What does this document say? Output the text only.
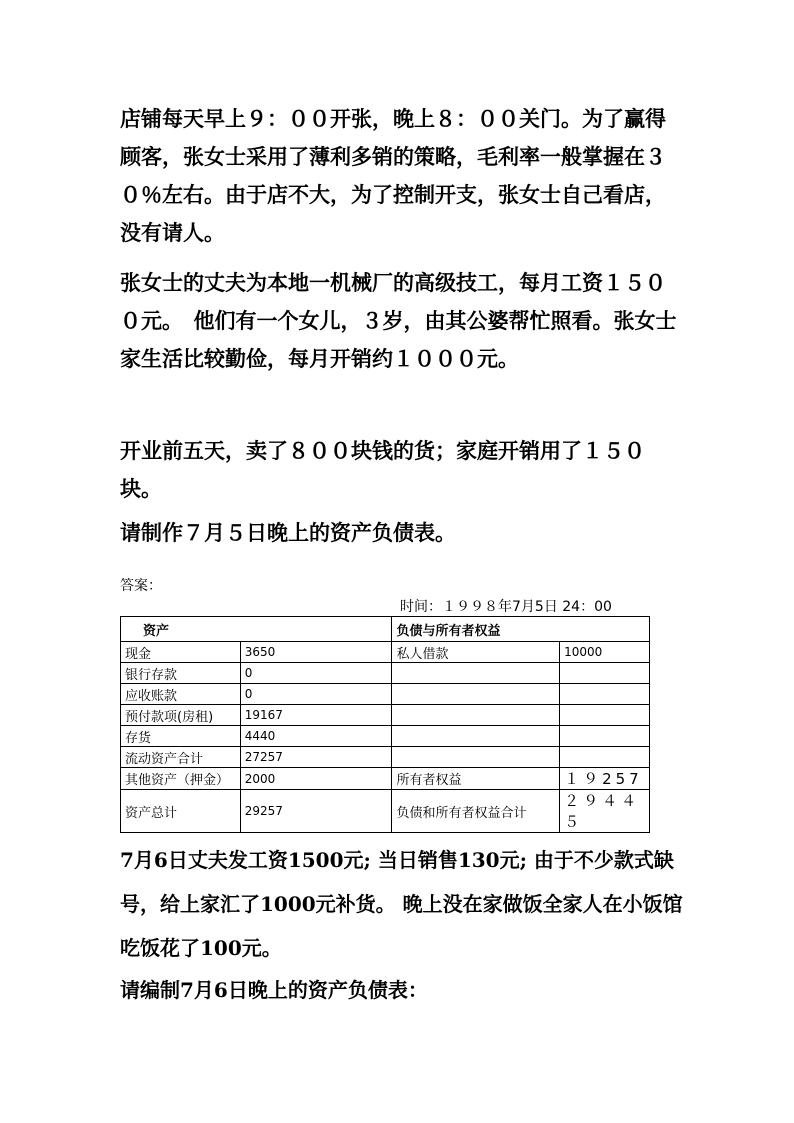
店铺每天早上９：００开张，晚上８：００关门。为了赢得顾客，张女士采用了薄利多销的策略，毛利率一般掌握在３０％左右。由于店不大，为了控制开支，张女士自己看店，没有请人。

张女士的丈夫为本地一机械厂的高级技工，每月工资１５００元。　他们有一个女儿，３岁，由其公婆帮忙照看。张女士家生活比较勤俭，每月开销约１０００元。

开业前五天，卖了８００块钱的货；家庭开销用了１５０块。

请制作７月５日晚上的资产负债表。

答案：
时间：１９９８年7月5日 24：00
资产		负债与所有者权益	
现金	3650	私人借款	10000
银行存款	0		
应收账款	0		
预付款项(房租)	19167		
存货	4440		
流动资产合计	27257		
其他资产（押金）	2000	所有者权益	１９257
资产总计	29257	负债和所有者权益合计	２９４４５

7月6日丈夫发工资1500元; 当日销售130元; 由于不少款式缺号，给上家汇了1000元补货。 晚上没在家做饭全家人在小饭馆吃饭花了100元。

请编制7月6日晚上的资产负债表：
